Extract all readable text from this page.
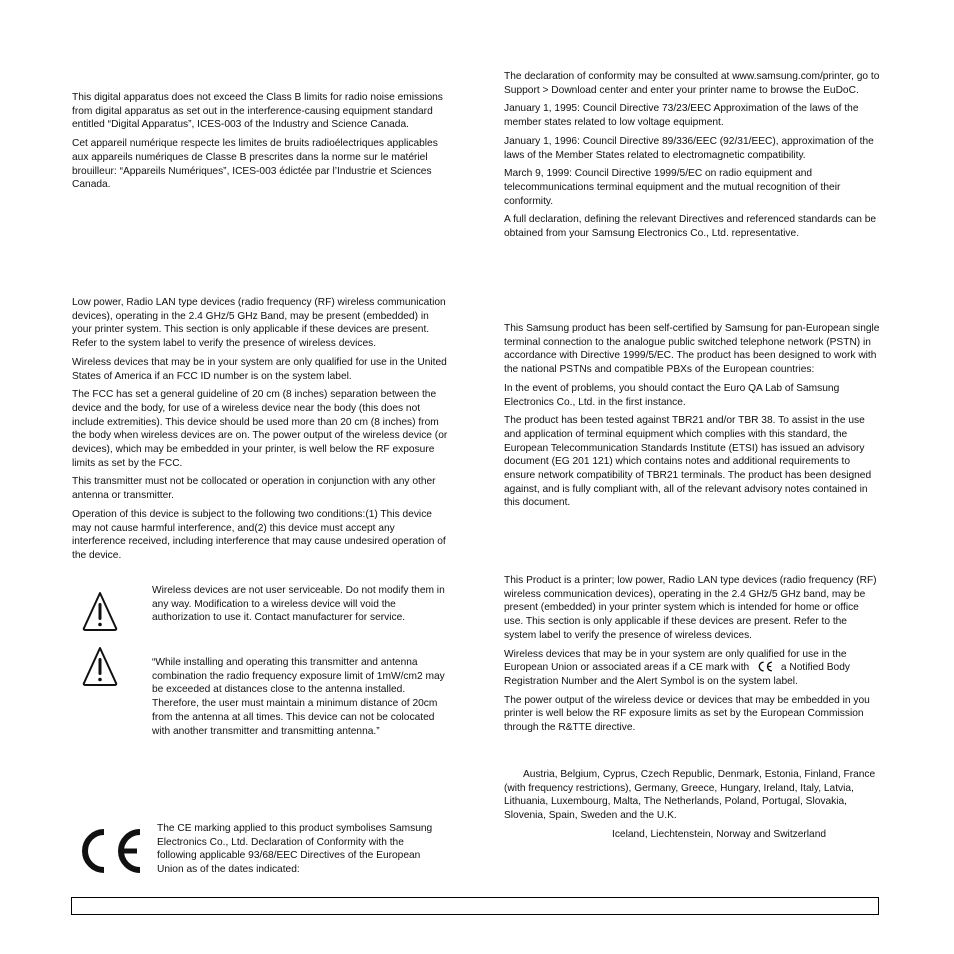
This digital apparatus does not exceed the Class B limits for radio noise emissions from digital apparatus as set out in the interference-causing equipment standard entitled “Digital Apparatus”, ICES-003 of the Industry and Science Canada.

Cet appareil numérique respecte les limites de bruits radioélectriques applicables aux appareils numériques de Classe B prescrites dans la norme sur le matériel brouilleur: “Appareils Numériques”, ICES-003 édictée par l’Industrie et Sciences Canada.

Low power, Radio LAN type devices (radio frequency (RF) wireless communication devices), operating in the 2.4 GHz/5 GHz Band, may be present (embedded) in your printer system. This section is only applicable if these devices are present. Refer to the system label to verify the presence of wireless devices.

Wireless devices that may be in your system are only qualified for use in the United States of America if an FCC ID number is on the system label.

The FCC has set a general guideline of 20 cm (8 inches) separation between the device and the body, for use of a wireless device near the body (this does not include extremities). This device should be used more than 20 cm (8 inches) from the body when wireless devices are on. The power output of the wireless device (or devices), which may be embedded in your printer, is well below the RF exposure limits as set by the FCC.

This transmitter must not be collocated or operation in conjunction with any other antenna or transmitter.

Operation of this device is subject to the following two conditions:(1) This device may not cause harmful interference, and(2) this device must accept any interference received, including interference that may cause undesired operation of the device.

Wireless devices are not user serviceable. Do not modify them in any way. Modification to a wireless device will void the authorization to use it. Contact manufacturer for service.

“While installing and operating this transmitter and antenna combination the radio frequency exposure limit of 1mW/cm2 may be exceeded at distances close to the antenna installed. Therefore, the user must maintain a minimum distance of 20cm from the antenna at all times. This device can not be colocated with another transmitter and transmitting antenna.”

The CE marking applied to this product symbolises Samsung Electronics Co., Ltd. Declaration of Conformity with the following applicable 93/68/EEC Directives of the European Union as of the dates indicated:

The declaration of conformity may be consulted at www.samsung.com/printer, go to Support > Download center and enter your printer name to browse the EuDoC.

January 1, 1995: Council Directive 73/23/EEC Approximation of the laws of the member states related to low voltage equipment.

January 1, 1996: Council Directive 89/336/EEC (92/31/EEC), approximation of the laws of the Member States related to electromagnetic compatibility.

March 9, 1999: Council Directive 1999/5/EC on radio equipment and telecommunications terminal equipment and the mutual recognition of their conformity.

A full declaration, defining the relevant Directives and referenced standards can be obtained from your Samsung Electronics Co., Ltd. representative.

This Samsung product has been self-certified by Samsung for pan-European single terminal connection to the analogue public switched telephone network (PSTN) in accordance with Directive 1999/5/EC. The product has been designed to work with the national PSTNs and compatible PBXs of the European countries:

In the event of problems, you should contact the Euro QA Lab of Samsung Electronics Co., Ltd. in the first instance.

The product has been tested against TBR21 and/or TBR 38. To assist in the use and application of terminal equipment which complies with this standard, the European Telecommunication Standards Institute (ETSI) has issued an advisory document (EG 201 121) which contains notes and additional requirements to ensure network compatibility of TBR21 terminals. The product has been designed against, and is fully compliant with, all of the relevant advisory notes contained in this document.

This Product is a printer; low power, Radio LAN type devices (radio frequency (RF) wireless communication devices), operating in the 2.4 GHz/5 GHz band, may be present (embedded) in your printer system which is intended for home or office use. This section is only applicable if these devices are present. Refer to the system label to verify the presence of wireless devices.

Wireless devices that may be in your system are only qualified for use in the European Union or associated areas if a CE mark with	a Notified Body Registration Number and the Alert Symbol is on the system label.

The power output of the wireless device or devices that may be embedded in you printer is well below the RF exposure limits as set by the European Commission through the R&TTE directive.

Austria, Belgium, Cyprus, Czech Republic, Denmark, Estonia, Finland, France (with frequency restrictions), Germany, Greece, Hungary, Ireland, Italy, Latvia, Lithuania, Luxembourg, Malta, The Netherlands, Poland, Portugal, Slovakia, Slovenia, Spain, Sweden and the U.K.

Iceland, Liechtenstein, Norway and Switzerland
